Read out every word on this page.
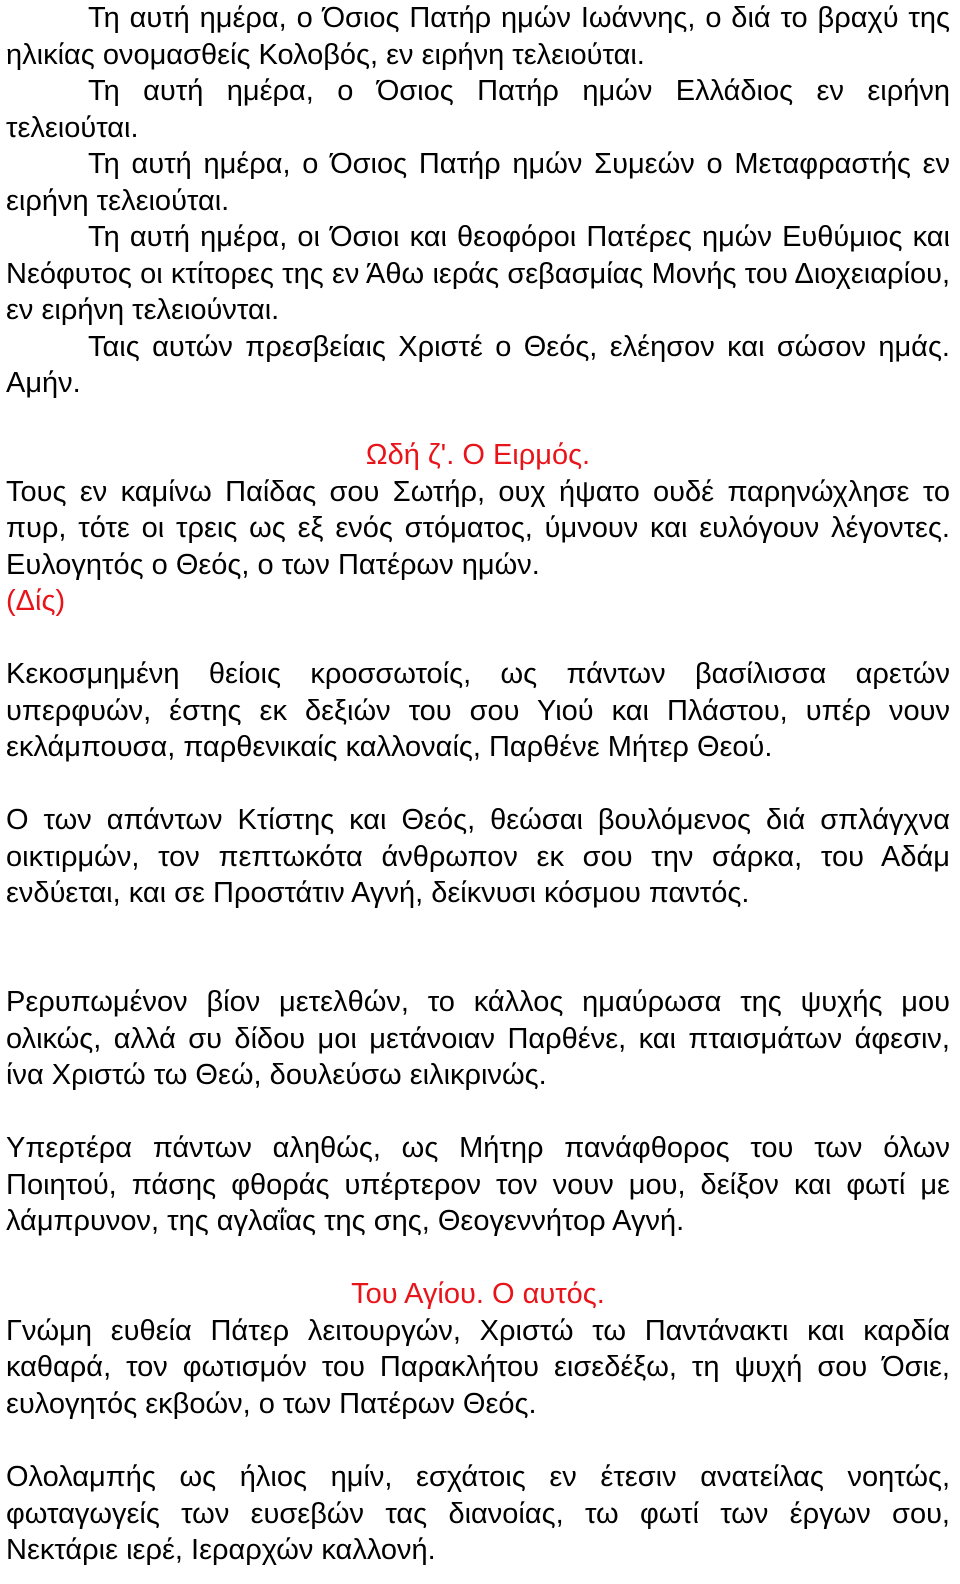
Τη αυτή ημέρα, ο Όσιος Πατήρ ημών Ιωάννης, ο διά το βραχύ της ηλικίας ονομασθείς Κολοβός, εν ειρήνη τελειούται.

Τη αυτή ημέρα, ο Όσιος Πατήρ ημών Ελλάδιος εν ειρήνη τελειούται.

Τη αυτή ημέρα, ο Όσιος Πατήρ ημών Συμεών ο Μεταφραστής εν ειρήνη τελειούται.

Τη αυτή ημέρα, οι Όσιοι και θεοφόροι Πατέρες ημών Ευθύμιος και Νεόφυτος οι κτίτορες της εν Άθω ιεράς σεβασμίας Μονής του Διοχειαρίου, εν ειρήνη τελειούνται.

Ταις αυτών πρεσβείαις Χριστέ ο Θεός, ελέησον και σώσον ημάς. Αμήν.

Ωδή ζ'. Ο Ειρμός.

Τους εν καμίνω Παίδας σου Σωτήρ, ουχ ήψατο ουδέ παρηνώχλησε το πυρ, τότε οι τρεις ως εξ ενός στόματος, ύμνουν και ευλόγουν λέγοντες. Ευλογητός ο Θεός, ο των Πατέρων ημών.
(Δίς)

Κεκοσμημένη θείοις κροσσωτοίς, ως πάντων βασίλισσα αρετών υπερφυών, έστης εκ δεξιών του σου Υιού και Πλάστου, υπέρ νουν εκλάμπουσα, παρθενικαίς καλλοναίς, Παρθένε Μήτερ Θεού.

Ο των απάντων Κτίστης και Θεός, θεώσαι βουλόμενος διά σπλάγχνα οικτιρμών, τον πεπτωκότα άνθρωπον εκ σου την σάρκα, του Αδάμ ενδύεται, και σε Προστάτιν Αγνή, δείκνυσι κόσμου παντός.

Ρερυπωμένον βίον μετελθών, το κάλλος ημαύρωσα της ψυχής μου ολικώς, αλλά συ δίδου μοι μετάνοιαν Παρθένε, και πταισμάτων άφεσιν, ίνα Χριστώ τω Θεώ, δουλεύσω ειλικρινώς.

Υπερτέρα πάντων αληθώς, ως Μήτηρ πανάφθορος του των όλων Ποιητού, πάσης φθοράς υπέρτερον τον νουν μου, δείξον και φωτί με λάμπρυνον, της αγλαΐας της σης, Θεογεννήτορ Αγνή.

Του Αγίου. Ο αυτός.

Γνώμη ευθεία Πάτερ λειτουργών, Χριστώ τω Παντάνακτι και καρδία καθαρά, τον φωτισμόν του Παρακλήτου εισεδέξω, τη ψυχή σου Όσιε, ευλογητός εκβοών, ο των Πατέρων Θεός.

Ολολαμπής ως ήλιος ημίν, εσχάτοις εν έτεσιν ανατείλας νοητώς, φωταγωγείς των ευσεβών τας διανοίας, τω φωτί των έργων σου, Νεκτάριε ιερέ, Ιεραρχών καλλονή.
